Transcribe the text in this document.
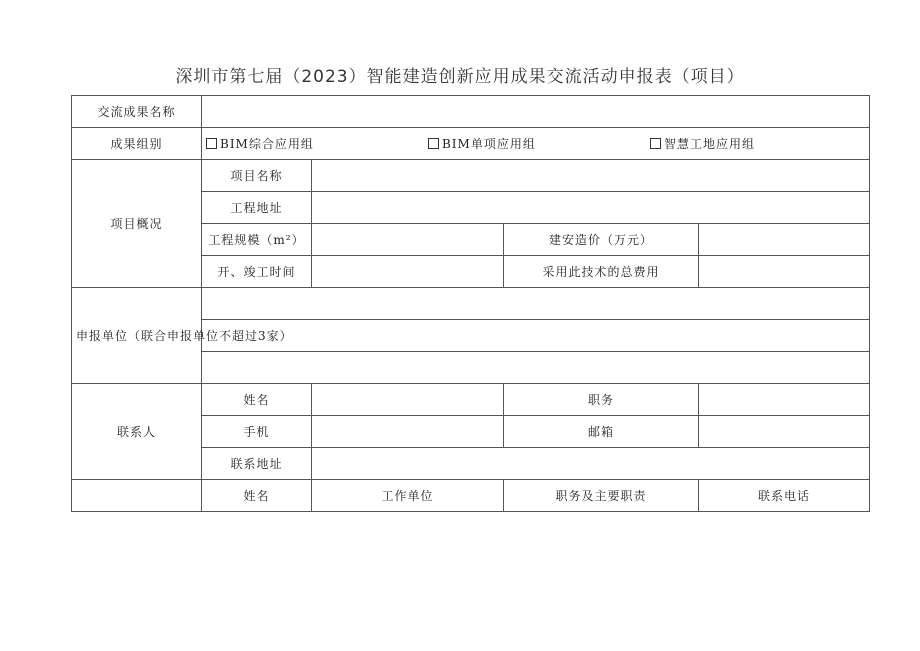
深圳市第七届（2023）智能建造创新应用成果交流活动申报表（项目）
交流成果名称				
成果组别	BIM综合应用组 BIM单项应用组 智慧工地应用组			

项目概况	项目名称			
	工程地址			
	工程规模（m²）		建安造价（万元）	
	开、竣工时间		采用此技术的总费用	
申报单位（联合申报单位不超过3家）				

联系人	姓名		职务	
	手机		邮箱	
	联系地址			
	姓名	工作单位	职务及主要职责	联系电话
